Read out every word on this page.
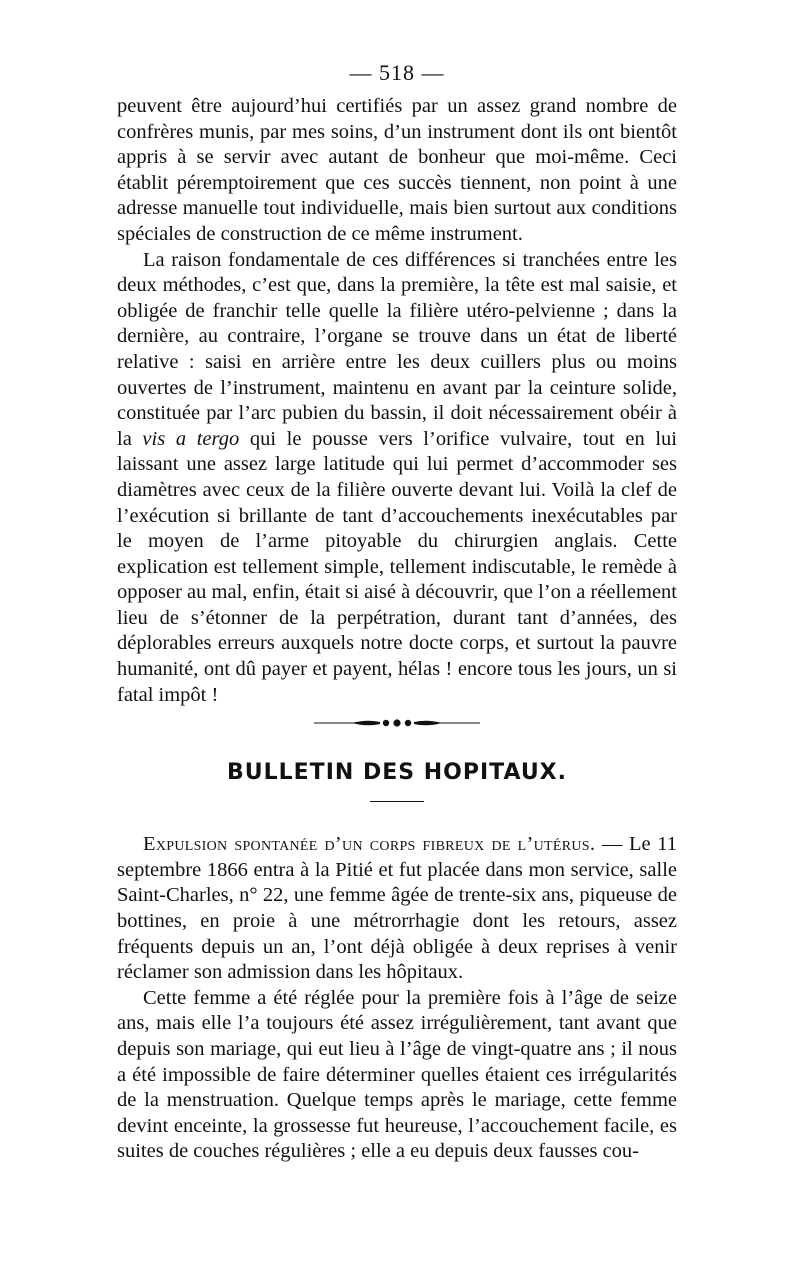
— 518 —

peuvent être aujourd’hui certifiés par un assez grand nombre de confrères munis, par mes soins, d’un instrument dont ils ont bientôt appris à se servir avec autant de bonheur que moi-même. Ceci établit péremptoirement que ces succès tiennent, non point à une adresse manuelle tout individuelle, mais bien surtout aux conditions spéciales de construction de ce même instrument.

La raison fondamentale de ces différences si tranchées entre les deux méthodes, c’est que, dans la première, la tête est mal saisie, et obligée de franchir telle quelle la filière utéro-pelvienne ; dans la dernière, au contraire, l’organe se trouve dans un état de liberté relative : saisi en arrière entre les deux cuillers plus ou moins ouvertes de l’instrument, maintenu en avant par la ceinture solide, constituée par l’arc pubien du bassin, il doit nécessairement obéir à la vis a tergo qui le pousse vers l’orifice vulvaire, tout en lui laissant une assez large latitude qui lui permet d’accommoder ses diamètres avec ceux de la filière ouverte devant lui. Voilà la clef de l’exécution si brillante de tant d’accouchements inexécutables par le moyen de l’arme pitoyable du chirurgien anglais. Cette explication est tellement simple, tellement indiscutable, le remède à opposer au mal, enfin, était si aisé à découvrir, que l’on a réellement lieu de s’étonner de la perpétration, durant tant d’années, des déplorables erreurs auxquels notre docte corps, et surtout la pauvre humanité, ont dû payer et payent, hélas ! encore tous les jours, un si fatal impôt !

BULLETIN DES HOPITAUX.

Expulsion spontanée d’un corps fibreux de l’utérus. — Le 11 septembre 1866 entra à la Pitié et fut placée dans mon service, salle Saint-Charles, n° 22, une femme âgée de trente-six ans, piqueuse de bottines, en proie à une métrorrhagie dont les retours, assez fréquents depuis un an, l’ont déjà obligée à deux reprises à venir réclamer son admission dans les hôpitaux.

Cette femme a été réglée pour la première fois à l’âge de seize ans, mais elle l’a toujours été assez irrégulièrement, tant avant que depuis son mariage, qui eut lieu à l’âge de vingt-quatre ans ; il nous a été impossible de faire déterminer quelles étaient ces irrégularités de la menstruation. Quelque temps après le mariage, cette femme devint enceinte, la grossesse fut heureuse, l’accouchement facile, es suites de couches régulières ; elle a eu depuis deux fausses cou-
